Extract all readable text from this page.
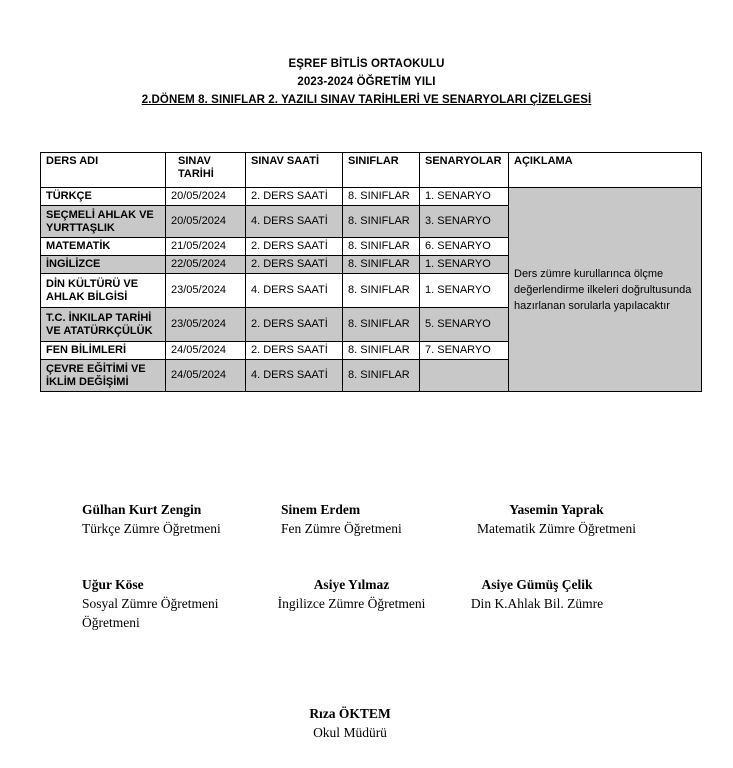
EŞREF BİTLİS ORTAOKULU
2023-2024 ÖĞRETİM YILI
2.DÖNEM 8. SINIFLAR 2. YAZILI SINAV TARİHLERİ VE SENARYOLARI ÇİZELGESİ
DERS ADI	SINAV TARİHİ	SINAV SAATİ	SINIFLAR	SENARYOLAR	AÇIKLAMA
TÜRKÇE	20/05/2024	2. DERS SAATİ	8. SINIFLAR	1. SENARYO	Ders zümre kurullarınca ölçme değerlendirme ilkeleri doğrultusunda hazırlanan sorularla yapılacaktır
SEÇMELİ AHLAK VE YURTTAŞLIK	20/05/2024	4. DERS SAATİ	8. SINIFLAR	3. SENARYO	
MATEMATİK	21/05/2024	2. DERS SAATİ	8. SINIFLAR	6. SENARYO	
İNGİLİZCE	22/05/2024	2. DERS SAATİ	8. SINIFLAR	1. SENARYO	
DİN KÜLTÜRÜ VE AHLAK BİLGİSİ	23/05/2024	4. DERS SAATİ	8. SINIFLAR	1. SENARYO	
T.C. İNKILAP TARİHİ VE ATATÜRKÇÜLÜK	23/05/2024	2. DERS SAATİ	8. SINIFLAR	5. SENARYO	
FEN BİLİMLERİ	24/05/2024	2. DERS SAATİ	8. SINIFLAR	7. SENARYO	
ÇEVRE EĞİTİMİ VE İKLİM DEĞİŞİMİ	24/05/2024	4. DERS SAATİ	8. SINIFLAR		
Gülhan Kurt Zengin
Türkçe Zümre Öğretmeni
Sinem Erdem
Fen Zümre Öğretmeni
Yasemin Yaprak
Matematik Zümre Öğretmeni
Uğur Köse
Sosyal Zümre Öğretmeni
Öğretmeni
Asiye Yılmaz
İngilizce Zümre Öğretmeni
Asiye Gümüş Çelik
Din K.Ahlak Bil. Zümre
Rıza ÖKTEM
Okul Müdürü
